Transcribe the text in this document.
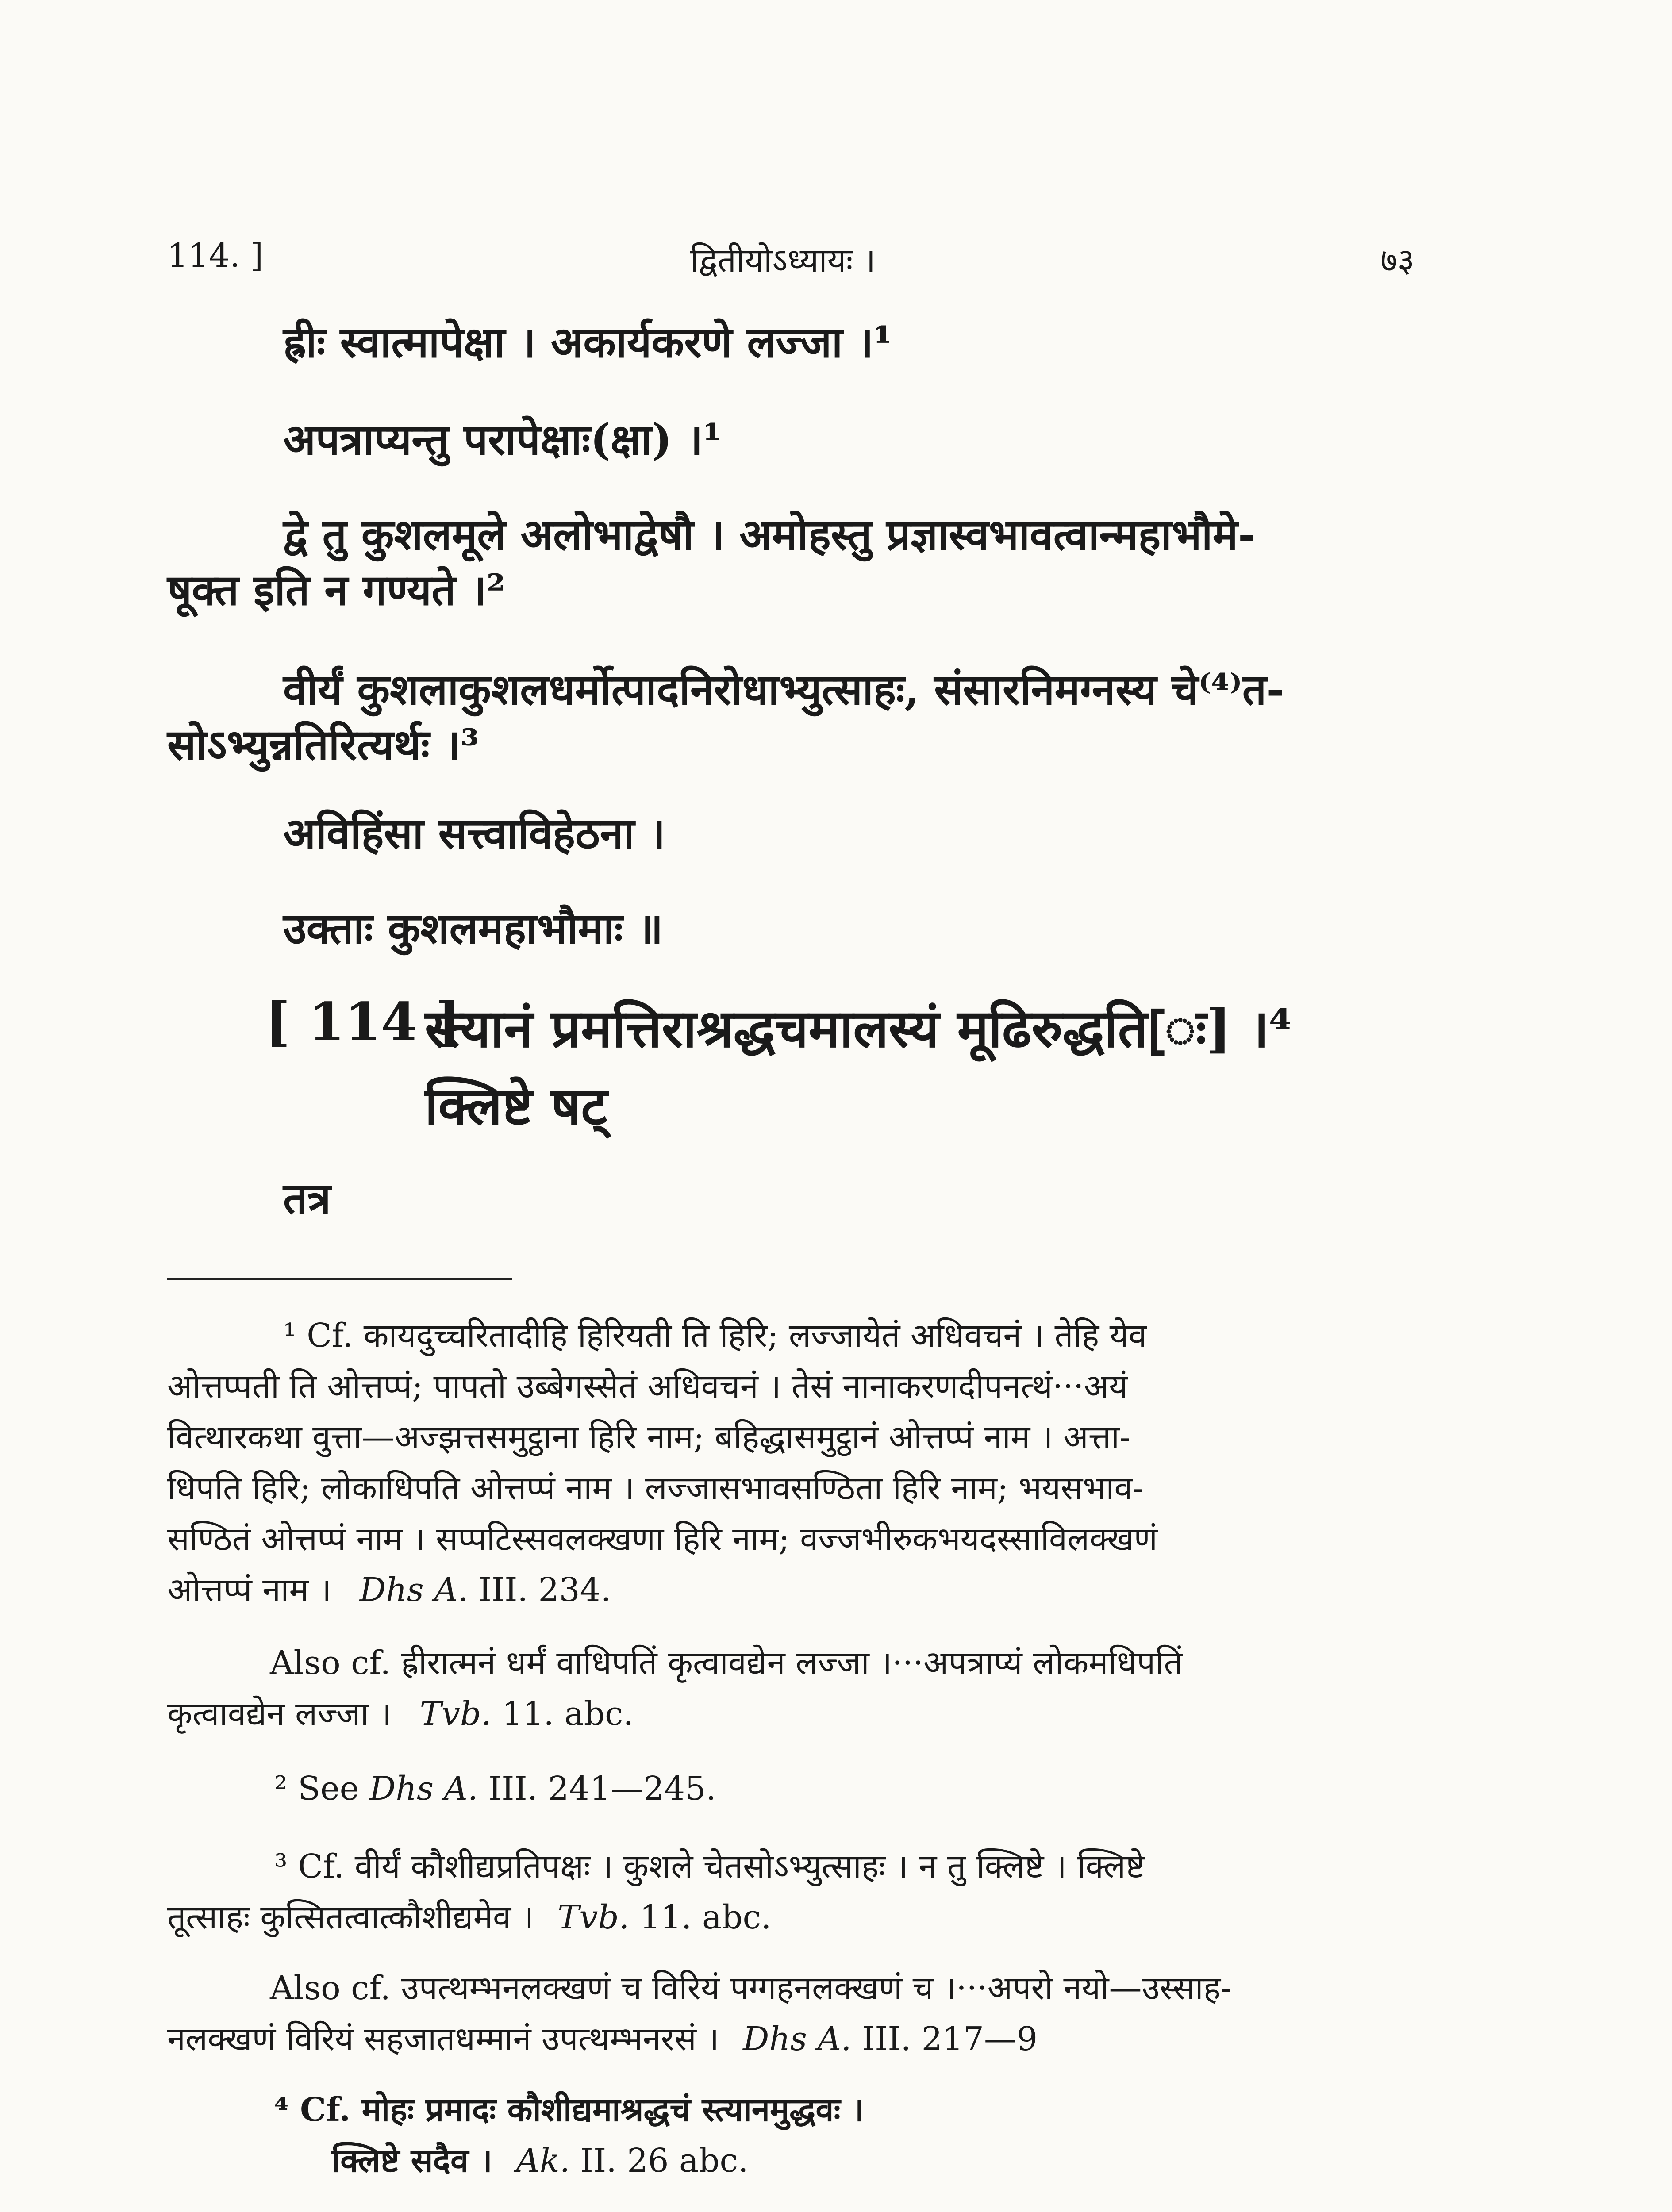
114. ]	द्वितीयोऽध्यायः ।	७३
ह्रीः स्वात्मापेक्षा । अकार्यकरणे लज्जा ।¹
अपत्राप्यन्तु परापेक्षाः(क्षा) ।¹
द्वे तु कुशलमूले अलोभाद्वेषौ । अमोहस्तु प्रज्ञास्वभावत्वान्महाभौमे-
षूक्त इति न गण्यते ।²
वीर्यं कुशलाकुशलधर्मोत्पादनिरोधाभ्युत्साहः, संसारनिमग्नस्य चे⁽⁴⁾त-
सोऽभ्युन्नतिरित्यर्थः ।³
अविहिंसा सत्त्वाविहेठना ।
उक्ताः कुशलमहाभौमाः ॥
[ 114 ]
स्त्यानं प्रमत्तिराश्रद्धचमालस्यं मूढिरुद्धति[ः] ।⁴
क्लिष्टे षट्
तत्र
¹ Cf. कायदुच्चरितादीहि हिरियती ति हिरि; लज्जायेतं अधिवचनं । तेहि येव
ओत्तप्पती ति ओत्तप्पं; पापतो उब्बेगस्सेतं अधिवचनं । तेसं नानाकरणदीपनत्थं···अयं
वित्थारकथा वुत्ता—अज्झत्तसमुट्ठाना हिरि नाम; बहिद्धासमुट्ठानं ओत्तप्पं नाम । अत्ता-
धिपति हिरि; लोकाधिपति ओत्तप्पं नाम । लज्जासभावसण्ठिता हिरि नाम; भयसभाव-
सण्ठितं ओत्तप्पं नाम । सप्पटिस्सवलक्खणा हिरि नाम; वज्जभीरुकभयदस्साविलक्खणं
ओत्तप्पं नाम । Dhs A. III. 234.
Also cf. ह्रीरात्मनं धर्मं वाधिपतिं कृत्वावद्येन लज्जा ।···अपत्राप्यं लोकमधिपतिं
कृत्वावद्येन लज्जा । Tvb. 11. abc.
² See Dhs A. III. 241—245.
³ Cf. वीर्यं कौशीद्यप्रतिपक्षः । कुशले चेतसोऽभ्युत्साहः । न तु क्लिष्टे । क्लिष्टे
तूत्साहः कुत्सितत्वात्कौशीद्यमेव । Tvb. 11. abc.
Also cf. उपत्थम्भनलक्खणं च विरियं पग्गहनलक्खणं च ।···अपरो नयो—उस्साह-
नलक्खणं विरियं सहजातधम्मानं उपत्थम्भनरसं । Dhs A. III. 217—9
⁴ Cf. मोहः प्रमादः कौशीद्यमाश्रद्धचं स्त्यानमुद्धवः ।
क्लिष्टे सदैव । Ak. II. 26 abc.
